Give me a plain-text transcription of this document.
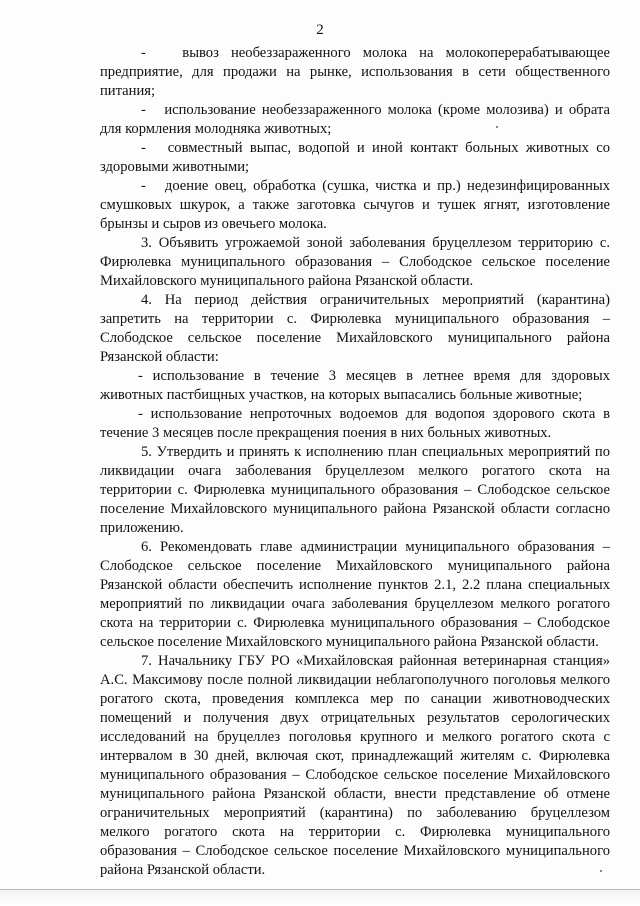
2

-   вывоз необеззараженного молока на молокоперерабатывающее предприятие, для продажи на рынке, использования в сети общественного питания;

-   использование необеззараженного молока (кроме молозива) и обрата для кормления молодняка животных;

-   совместный выпас, водопой и иной контакт больных животных со здоровыми животными;

-   доение овец, обработка (сушка, чистка и пр.) недезинфицированных смушковых шкурок, а также заготовка сычугов и тушек ягнят, изготовление брынзы и сыров из овечьего молока.

3. Объявить угрожаемой зоной заболевания бруцеллезом территорию с. Фирюлевка муниципального образования – Слободское сельское поселение Михайловского муниципального района Рязанской области.

4. На период действия ограничительных мероприятий (карантина) запретить на территории с. Фирюлевка муниципального образования – Слободское сельское поселение Михайловского муниципального района Рязанской области:

- использование в течение 3 месяцев в летнее время для здоровых животных пастбищных участков, на которых выпасались больные животные;

- использование непроточных водоемов для водопоя здорового скота в течение 3 месяцев после прекращения поения в них больных животных.

5. Утвердить и принять к исполнению план специальных мероприятий по ликвидации очага заболевания бруцеллезом мелкого рогатого скота на территории с. Фирюлевка муниципального образования – Слободское сельское поселение Михайловского муниципального района Рязанской области согласно приложению.

6. Рекомендовать главе администрации муниципального образования – Слободское сельское поселение Михайловского муниципального района Рязанской области обеспечить исполнение пунктов 2.1, 2.2 плана специальных мероприятий по ликвидации очага заболевания бруцеллезом мелкого рогатого скота на территории с. Фирюлевка муниципального образования – Слободское сельское поселение Михайловского муниципального района Рязанской области.

7. Начальнику ГБУ РО «Михайловская районная ветеринарная станция» А.С. Максимову после полной ликвидации неблагополучного поголовья мелкого рогатого скота, проведения комплекса мер по санации животноводческих помещений и получения двух отрицательных результатов серологических исследований на бруцеллез поголовья крупного и мелкого рогатого скота с интервалом в 30 дней, включая скот, принадлежащий жителям с. Фирюлевка муниципального образования – Слободское сельское поселение Михайловского муниципального района Рязанской области, внести представление об отмене ограничительных мероприятий (карантина) по заболеванию бруцеллезом мелкого рогатого скота на территории с. Фирюлевка муниципального образования – Слободское сельское поселение Михайловского муниципального района Рязанской области.
